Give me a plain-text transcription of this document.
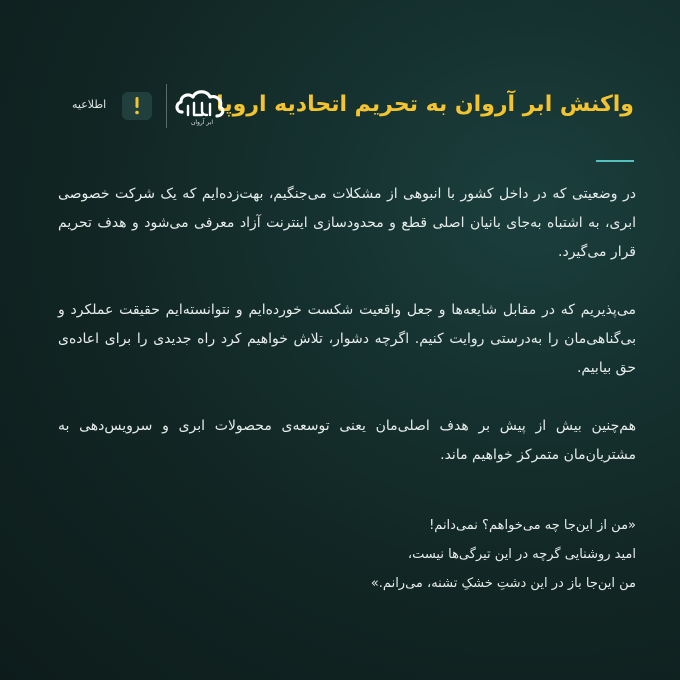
واکنش ابر آروان به تحریم اتحادیه اروپا
ابر آروان
اطلاعیه

در وضعیتی که در داخل کشور با انبوهی از مشکلات می‌جنگیم، بهت‌زده‌ایم که یک شرکت خصوصی ابری، به اشتباه به‌جای بانیان اصلی قطع و محدودسازی اینترنت آزاد معرفی می‌شود و هدف تحریم قرار می‌گیرد.

می‌پذیریم که در مقابل شایعه‌ها و جعل واقعیت شکست خورده‌ایم و نتوانسته‌ایم حقیقت عملکرد و بی‌گناهی‌مان را به‌درستی روایت کنیم. اگرچه دشوار، تلاش خواهیم کرد راه جدیدی را برای اعاده‌ی حق بیابیم.

هم‌چنین بیش از پیش بر هدف اصلی‌مان یعنی توسعه‌ی محصولات ابری و سرویس‌دهی به مشتریان‌مان متمرکز خواهیم ماند.

«من از این‌جا چه می‌خواهم؟ نمی‌دانم!
امید روشنایی گرچه در این تیرگی‌ها نیست،
من این‌جا باز در این دشتِ خشکِ تشنه، می‌رانم.»
